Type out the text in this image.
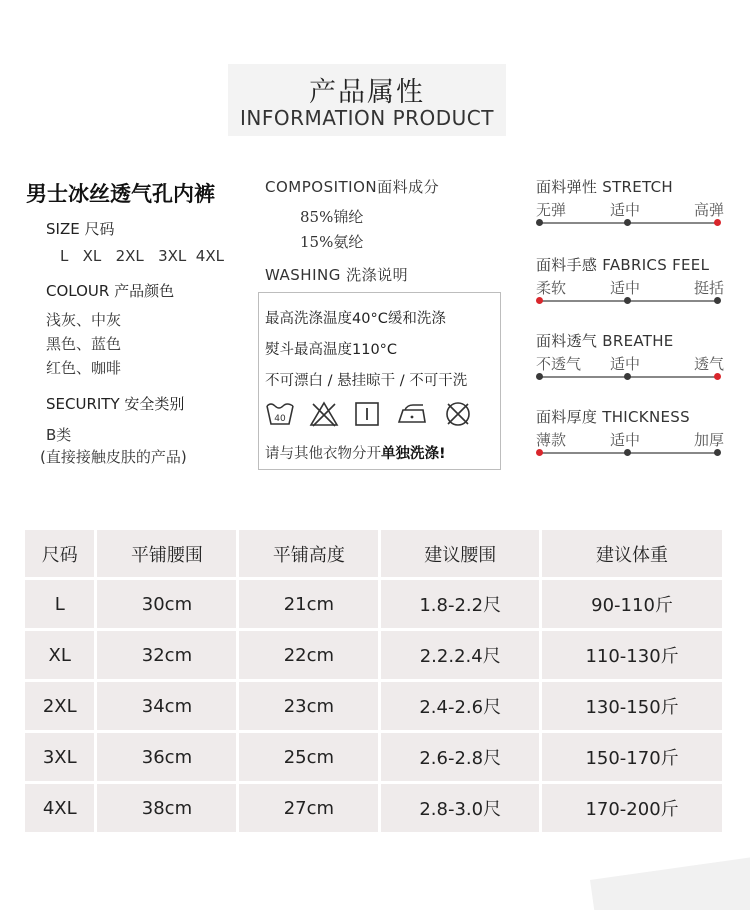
产品属性
INFORMATION PRODUCT
男士冰丝透气孔内裤
SIZE 尺码
L   XL   2XL   3XL  4XL
COLOUR 产品颜色
浅灰、中灰
黑色、蓝色
红色、咖啡
SECURITY 安全类别
B类
(直接接触皮肤的产品)
COMPOSITION面料成分
85%锦纶
15%氨纶
WASHING 洗涤说明
最高洗涤温度40°C缓和洗涤
熨斗最高温度110°C
不可漂白 / 悬挂晾干 / 不可干洗
40
请与其他衣物分开单独洗涤!
面料弹性 STRETCH
无弹	适中	高弹
面料手感 FABRICS FEEL
柔软	适中	挺括
面料透气 BREATHE
不透气 适中	透气
面料厚度 THICKNESS
薄款	适中	加厚
尺码	平铺腰围	平铺高度	建议腰围	建议体重
L	30cm	21cm	1.8-2.2尺	90-110斤
XL	32cm	22cm	2.2.2.4尺	110-130斤
2XL	34cm	23cm	2.4-2.6尺	130-150斤
3XL	36cm	25cm	2.6-2.8尺	150-170斤
4XL	38cm	27cm	2.8-3.0尺	170-200斤
